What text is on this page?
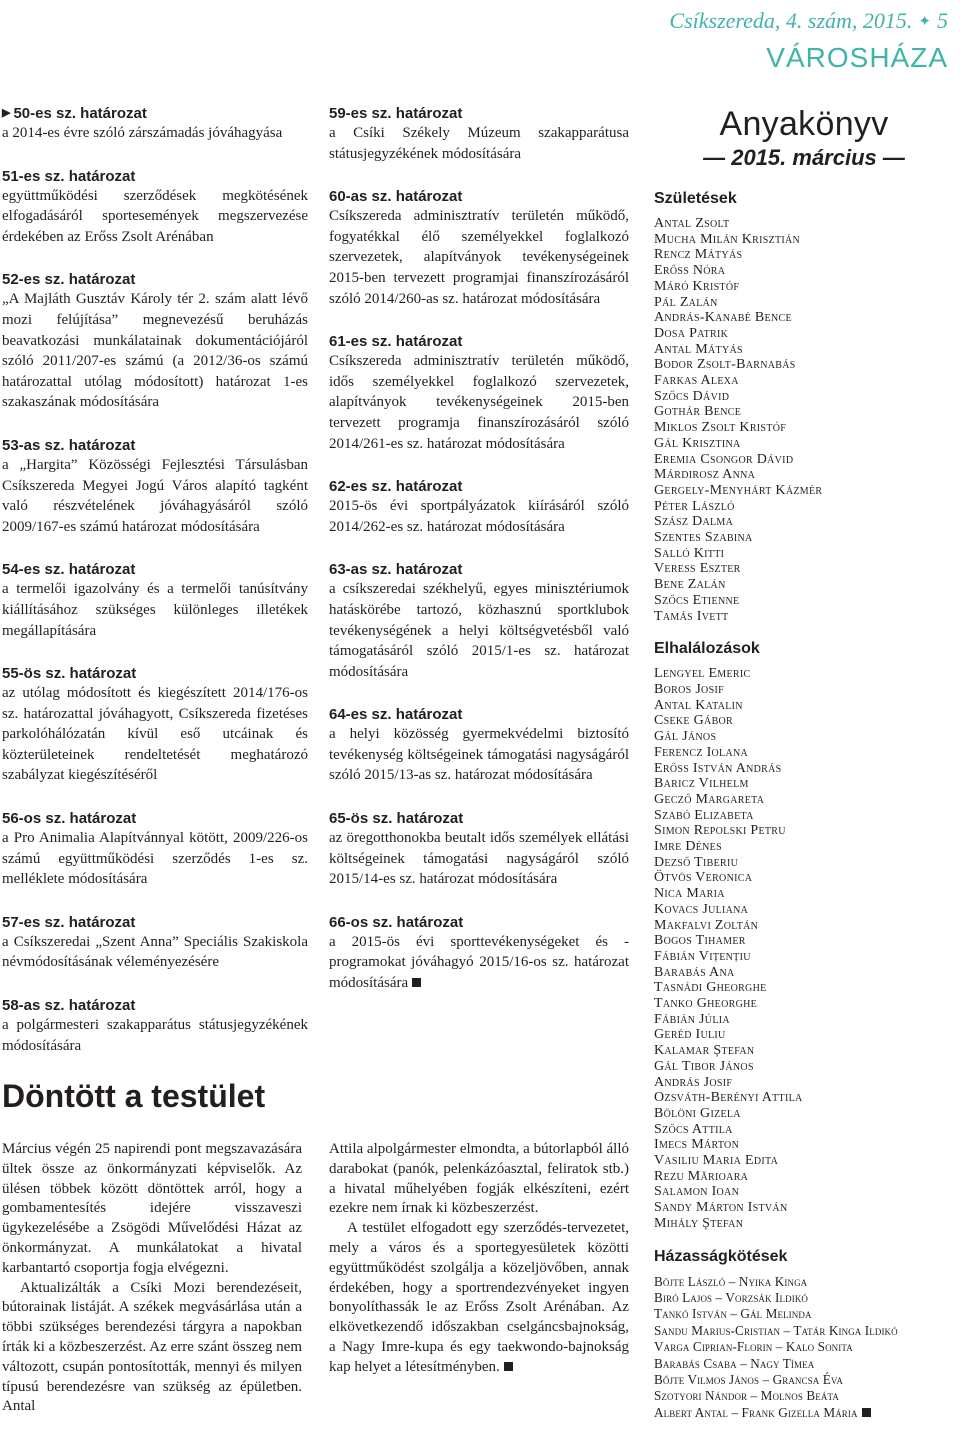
Csíkszereda, 4. szám, 2015. ✦ 5
VÁROSHÁZA
▶ 50-es sz. határozat
a 2014-es évre szóló zárszámadás jóváhagyása
51-es sz. határozat
együttműködési szerződések megkötésének elfogadásáról sportesemények megszervezése érdekében az Erőss Zsolt Arénában
52-es sz. határozat
„A Majláth Gusztáv Károly tér 2. szám alatt lévő mozi felújítása” megnevezésű beruházás beavatkozási munkálatainak dokumentációjáról szóló 2011/207-es számú (a 2012/36-os számú határozattal utólag módosított) határozat 1-es szakaszának módosítására
53-as sz. határozat
a „Hargita” Közösségi Fejlesztési Társulásban Csíkszereda Megyei Jogú Város alapító tagként való részvételének jóváhagyásáról szóló 2009/167-es számú határozat módosítására
54-es sz. határozat
a termelői igazolvány és a termelői tanúsítvány kiállításához szükséges különleges illetékek megállapítására
55-ös sz. határozat
az utólag módosított és kiegészített 2014/176-os sz. határozattal jóváhagyott, Csíkszereda fizetéses parkolóhálózatán kívül eső utcáinak és közterületeinek rendeltetését meghatározó szabályzat kiegészítéséről
56-os sz. határozat
a Pro Animalia Alapítvánnyal kötött, 2009/226-os számú együttműködési szerződés 1-es sz. melléklete módosítására
57-es sz. határozat
a Csíkszeredai „Szent Anna” Speciális Szakiskola névmódosításának véleményezésére
58-as sz. határozat
a polgármesteri szakapparátus státusjegyzékének módosítására
59-es sz. határozat
a Csíki Székely Múzeum szakapparátusa státusjegyzékének módosítására
60-as sz. határozat
Csíkszereda adminisztratív területén működő, fogyatékkal élő személyekkel foglalkozó szervezetek, alapítványok tevékenységeinek 2015-ben tervezett programjai finanszírozásáról szóló 2014/260-as sz. határozat módosítására
61-es sz. határozat
Csíkszereda adminisztratív területén működő, idős személyekkel foglalkozó szervezetek, alapítványok tevékenységeinek 2015-ben tervezett programja finanszírozásáról szóló 2014/261-es sz. határozat módosítására
62-es sz. határozat
2015-ös évi sportpályázatok kiírásáról szóló 2014/262-es sz. határozat módosítására
63-as sz. határozat
a csíkszeredai székhelyű, egyes minisztériumok hatáskörébe tartozó, közhasznú sportklubok tevékenységének a helyi költségvetésből való támogatásáról szóló 2015/1-es sz. határozat módosítására
64-es sz. határozat
a helyi közösség gyermekvédelmi biztosító tevékenység költségeinek támogatási nagyságáról szóló 2015/13-as sz. határozat módosítására
65-ös sz. határozat
az öregotthonokba beutalt idős személyek ellátási költségeinek támogatási nagyságáról szóló 2015/14-es sz. határozat módosítására
66-os sz. határozat
a 2015-ös évi sporttevékenységeket és -programokat jóváhagyó 2015/16-os sz. határozat módosítására
Döntött a testület

Március végén 25 napirendi pont megszavazására ültek össze az önkormányzati képviselők. Az ülésen többek között döntöttek arról, hogy a gombamentesítés idejére visszaveszi ügykezelésébe a Zsögödi Művelődési Házat az önkormányzat. A munkálatokat a hivatal karbantartó csoportja fogja elvégezni.

Aktualizálták a Csíki Mozi berendezéseit, bútorainak listáját. A székek megvásárlása után a többi szükséges berendezési tárgyra a napokban írták ki a közbeszerzést. Az erre szánt összeg nem változott, csupán pontosították, mennyi és milyen típusú berendezésre van szükség az épületben. Antal

Attila alpolgármester elmondta, a bútorlapból álló darabokat (panók, pelenkázóasztal, feliratok stb.) a hivatal műhelyében fogják elkészíteni, ezért ezekre nem írnak ki közbeszerzést.

A testület elfogadott egy szerződés-tervezetet, mely a város és a sportegyesületek közötti együttműködést szolgálja a közeljövőben, annak érdekében, hogy a sportrendezvényeket ingyen bonyolíthassák le az Erőss Zsolt Arénában. Az elkövetkezendő időszakban cselgáncsbajnokság, a Nagy Imre-kupa és egy taekwondo-bajnokság kap helyet a létesítményben.

Anyakönyv
— 2015. március —
Születések
Antal Zsolt
Mucha Milán Krisztián
Rencz Mátyás
Erőss Nóra
Máró Kristóf
Pál Zalán
András-Kanabé Bence
Dosa Patrik
Antal Mátyás
Bodor Zsolt-Barnabás
Farkas Alexa
Szőcs Dávid
Gothár Bence
Miklos Zsolt Kristóf
Gál Krisztina
Eremia Csongor Dávid
Márdirosz Anna
Gergely-Menyhárt Kázmér
Péter László
Szász Dalma
Szentes Szabina
Salló Kitti
Veress Eszter
Bene Zalán
Szőcs Etienne
Tamás Ivett
Elhalálozások
Lengyel Emeric
Boros Josif
Antal Katalin
Cseke Gábor
Gál János
Ferencz Iolana
Erőss István András
Baricz Vilhelm
Gecző Margareta
Szabó Elizabeta
Simon Repolski Petru
Imre Dénes
Dezső Tiberiu
Ötvös Veronica
Nica Maria
Kovacs Juliana
Makfalvi Zoltán
Bogos Tihamer
Fábián Vițențiu
Barabás Ana
Tasnádi Gheorghe
Tanko Gheorghe
Fábián Júlia
Geréd Iuliu
Kalamar Ștefan
Gál Tibor János
András Josif
Ozsváth-Berényi Attila
Bölöni Gizela
Szőcs Attila
Imecs Márton
Vasiliu Maria Edita
Rezu Mărioara
Salamon Ioan
Sandy Márton István
Mihály Ștefan
Házasságkötések
Böjte László – Nyika Kinga
Biró Lajos – Vorzsák Ildikó
Tankó István – Gál Melinda
Sandu Marius-Cristian – Tatár Kinga Ildikó
Varga Ciprian-Florin – Kalo Sonita
Barabás Csaba – Nagy Tímea
Bőjte Vilmos János – Grancsa Éva
Szotyori Nándor – Molnos Beáta
Albert Antal – Frank Gizella Mária
